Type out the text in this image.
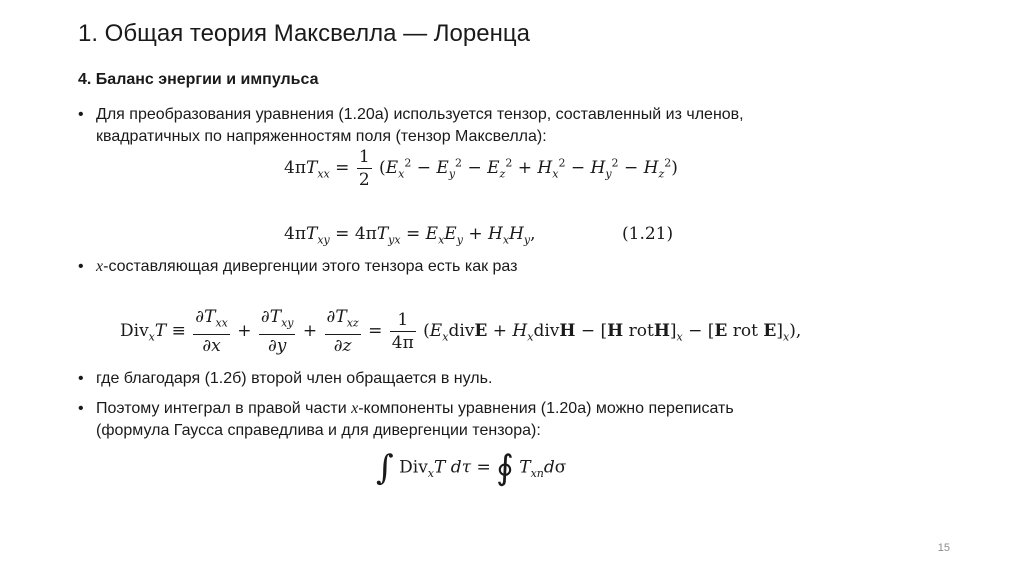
1. Общая теория Максвелла — Лоренца
4. Баланс энергии и импульса
• Для преобразования уравнения (1.20а) используется тензор, составленный из членов,
квадратичных по напряженностям поля (тензор Максвелла):
$4\pi T_{xx} = \frac{1}{2} (E_x^2 - E_y^2 - E_z^2 + H_x^2 - H_y^2 - H_z^2)$
$4\pi T_{xy} = 4\pi T_{yx} = E_xE_y + H_xH_y$,	(1.21)
• x-составляющая дивергенции этого тензора есть как раз
$Div_xT \equiv \frac{\partial T_{xx}}{\partial x} + \frac{\partial T_{xy}}{\partial y} + \frac{\partial T_{xz}}{\partial z} = \frac{1}{4\pi}$ ($E_xdivE$ + $H_xdivH - [H$ $rotH]_x - [E$ rot $E]_x$),
• где благодаря (1.2б) второй член обращается в нуль.
• Поэтому интеграл в правой части x-компоненты уравнения (1.20а) можно переписать
(формула Гаусса справедлива и для дивергенции тензора):
∫ Div$_x$T dτ = ∮ $T_{xn}d\sigma$
15
